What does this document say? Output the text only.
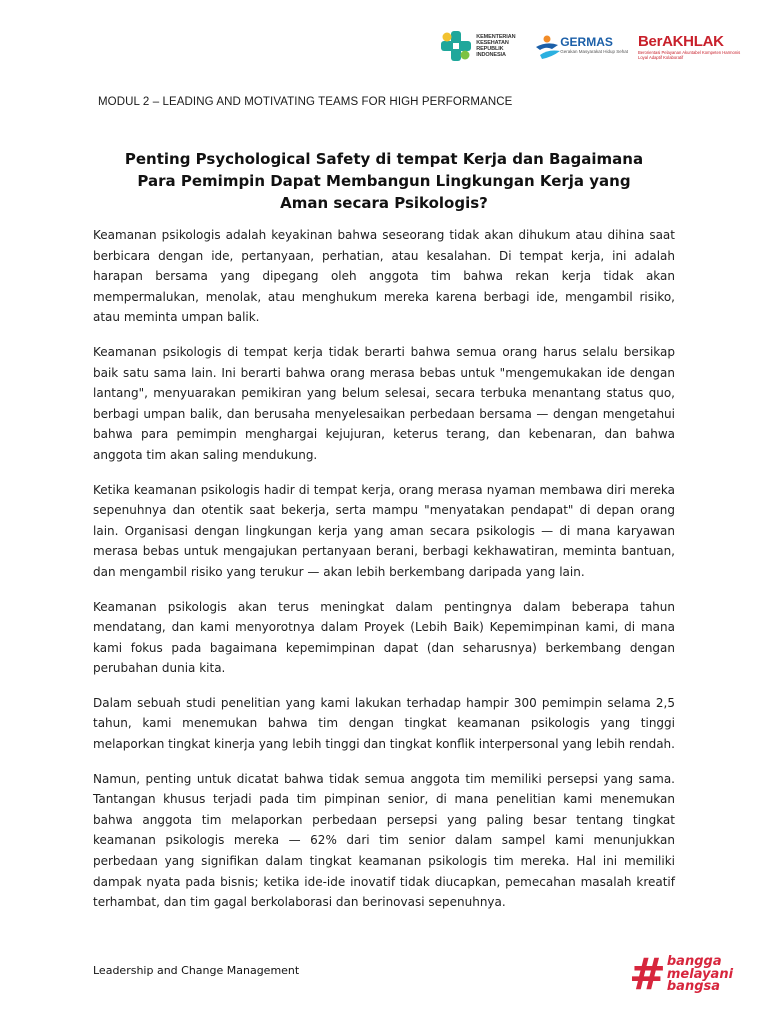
KEMENTERIAN KESEHATAN REPUBLIK INDONESIA
GERMAS
Gerakan Masyarakat Hidup Sehat
BerAKHLAK
Berorientasi Pelayanan Akuntabel Kompeten Harmonis Loyal Adaptif Kolaboratif
MODUL 2 – LEADING AND MOTIVATING TEAMS FOR HIGH PERFORMANCE
Penting Psychological Safety di tempat Kerja dan Bagaimana
Para Pemimpin Dapat Membangun Lingkungan Kerja yang
Aman secara Psikologis?

Keamanan psikologis adalah keyakinan bahwa seseorang tidak akan dihukum atau dihina saat berbicara dengan ide, pertanyaan, perhatian, atau kesalahan. Di tempat kerja, ini adalah harapan bersama yang dipegang oleh anggota tim bahwa rekan kerja tidak akan mempermalukan, menolak, atau menghukum mereka karena berbagi ide, mengambil risiko, atau meminta umpan balik.

Keamanan psikologis di tempat kerja tidak berarti bahwa semua orang harus selalu bersikap baik satu sama lain. Ini berarti bahwa orang merasa bebas untuk "mengemukakan ide dengan lantang", menyuarakan pemikiran yang belum selesai, secara terbuka menantang status quo, berbagi umpan balik, dan berusaha menyelesaikan perbedaan bersama — dengan mengetahui bahwa para pemimpin menghargai kejujuran, keterus terang, dan kebenaran, dan bahwa anggota tim akan saling mendukung.

Ketika keamanan psikologis hadir di tempat kerja, orang merasa nyaman membawa diri mereka sepenuhnya dan otentik saat bekerja, serta mampu "menyatakan pendapat" di depan orang lain. Organisasi dengan lingkungan kerja yang aman secara psikologis — di mana karyawan merasa bebas untuk mengajukan pertanyaan berani, berbagi kekhawatiran, meminta bantuan, dan mengambil risiko yang terukur — akan lebih berkembang daripada yang lain.

Keamanan psikologis akan terus meningkat dalam pentingnya dalam beberapa tahun mendatang, dan kami menyorotnya dalam Proyek (Lebih Baik) Kepemimpinan kami, di mana kami fokus pada bagaimana kepemimpinan dapat (dan seharusnya) berkembang dengan perubahan dunia kita.

Dalam sebuah studi penelitian yang kami lakukan terhadap hampir 300 pemimpin selama 2,5 tahun, kami menemukan bahwa tim dengan tingkat keamanan psikologis yang tinggi melaporkan tingkat kinerja yang lebih tinggi dan tingkat konflik interpersonal yang lebih rendah.

Namun, penting untuk dicatat bahwa tidak semua anggota tim memiliki persepsi yang sama. Tantangan khusus terjadi pada tim pimpinan senior, di mana penelitian kami menemukan bahwa anggota tim melaporkan perbedaan persepsi yang paling besar tentang tingkat keamanan psikologis mereka — 62% dari tim senior dalam sampel kami menunjukkan perbedaan yang signifikan dalam tingkat keamanan psikologis tim mereka. Hal ini memiliki dampak nyata pada bisnis; ketika ide-ide inovatif tidak diucapkan, pemecahan masalah kreatif terhambat, dan tim gagal berkolaborasi dan berinovasi sepenuhnya.

Leadership and Change Management	# bangga
melayani
bangsa
